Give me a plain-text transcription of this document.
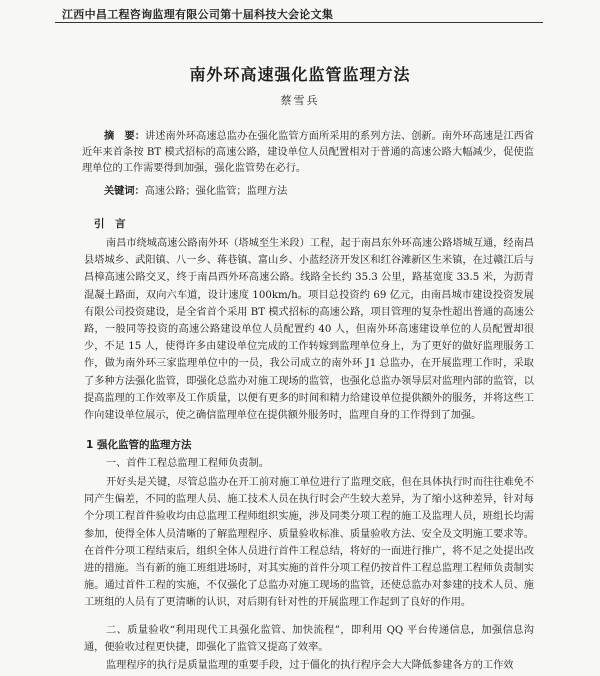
江西中昌工程咨询监理有限公司第十届科技大会论文集
南外环高速强化监管监理方法
蔡雪兵

摘　要：讲述南外环高速总监办在强化监管方面所采用的系列方法、创新。南外环高速是江西省近年来首条按 BT 模式招标的高速公路，建设单位人员配置相对于普通的高速公路大幅减少，促使监理单位的工作需要得到加强，强化监管势在必行。

关键词：高速公路；强化监管；监理方法
引　言

南昌市绕城高速公路南外环（塔城至生米段）工程，起于南昌东外环高速公路塔城互通，经南昌县塔城乡、武阳镇、八一乡、蒋巷镇、富山乡、小蓝经济开发区和红谷滩新区生米镇，在过赣江后与昌樟高速公路交叉，终于南昌西外环高速公路。线路全长约 35.3 公里，路基宽度 33.5 米，为沥青混凝土路面，双向六车道，设计速度 100km/h。项目总投资约 69 亿元，由南昌城市建设投资发展有限公司投资建设，是全省首个采用 BT 模式招标的高速公路，项目管理的复杂性超出普通的高速公路，一般同等投资的高速公路建设单位人员配置约 40 人，但南外环高速建设单位的人员配置却很少，不足 15 人，使得许多由建设单位完成的工作转嫁到监理单位身上，为了更好的做好监理服务工作，做为南外环三家监理单位中的一员，我公司成立的南外环 J1 总监办，在开展监理工作时，采取了多种方法强化监管，即强化总监办对施工现场的监管，也强化总监办领导层对监理内部的监管，以提高监理的工作效率及工作质量，以便有更多的时间和精力给建设单位提供额外的服务，并将这些工作向建设单位展示，使之确信监理单位在提供额外服务时，监理自身的工作得到了加强。

1 强化监管的监理方法

一、首件工程总监理工程师负责制。

开好头是关键，尽管总监办在开工前对施工单位进行了监理交底，但在具体执行时而往往难免不同产生偏差，不同的监理人员、施工技术人员在执行时会产生较大差异，为了缩小这种差异，针对每个分项工程首件验收均由总监理工程师组织实施，涉及同类分项工程的施工及监理人员，班组长均需参加，使得全体人员清晰的了解监理程序、质量验收标准、质量验收方法、安全及文明施工要求等。在首件分项工程结束后，组织全体人员进行首件工程总结，将好的一面进行推广，将不足之处提出改进的措施。当有新的施工班组进场时，对其实施的首件分项工程仍按首件工程总监理工程师负责制实施。通过首件工程的实施，不仅强化了总监办对施工现场的监管，还使总监办对参建的技术人员、施工班组的人员有了更清晰的认识，对后期有针对性的开展监理工作起到了良好的作用。

二、质量验收“利用现代工具强化监管、加快流程”，即利用 QQ 平台传递信息，加强信息沟通，便验收过程更快捷，即强化了监管又提高了效率。

监理程序的执行是质量监理的重要手段，过于僵化的执行程序会大大降低参建各方的工作效
